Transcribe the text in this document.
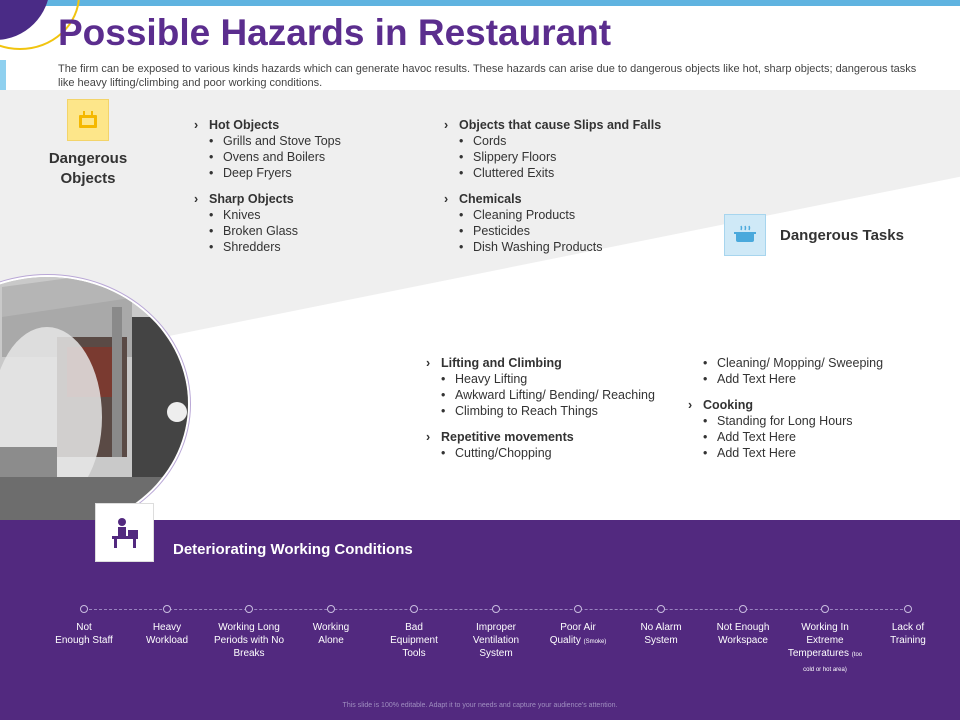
Possible Hazards in Restaurant

The firm can be exposed to various kinds hazards which can generate havoc results. These hazards can arise due to dangerous objects like hot, sharp objects; dangerous tasks like heavy lifting/climbing and poor working conditions.

Dangerous
Objects
› Hot Objects
• Grills and Stove Tops
• Ovens and Boilers
• Deep Fryers
› Sharp Objects
• Knives
• Broken Glass
• Shredders
› Objects that cause Slips and Falls
• Cords
• Slippery Floors
• Cluttered Exits
› Chemicals
• Cleaning Products
• Pesticides
• Dish Washing Products
Dangerous Tasks
› Lifting and Climbing
• Heavy Lifting
• Awkward Lifting/ Bending/ Reaching
• Climbing to Reach Things
› Repetitive movements
• Cutting/Chopping
• Cleaning/ Mopping/ Sweeping
• Add Text Here
› Cooking
• Standing for Long Hours
• Add Text Here
• Add Text Here
Deteriorating Working Conditions
Not
Enough Staff
Heavy
Workload
Working Long
Periods with No
Breaks
Working
Alone
Bad
Equipment
Tools
Improper
Ventilation
System
Poor Air
Quality (Smoke)
No Alarm
System
Not Enough
Workspace
Working In
Extreme
Temperatures (too cold or hot area)
Lack of
Training
This slide is 100% editable. Adapt it to your needs and capture your audience's attention.
